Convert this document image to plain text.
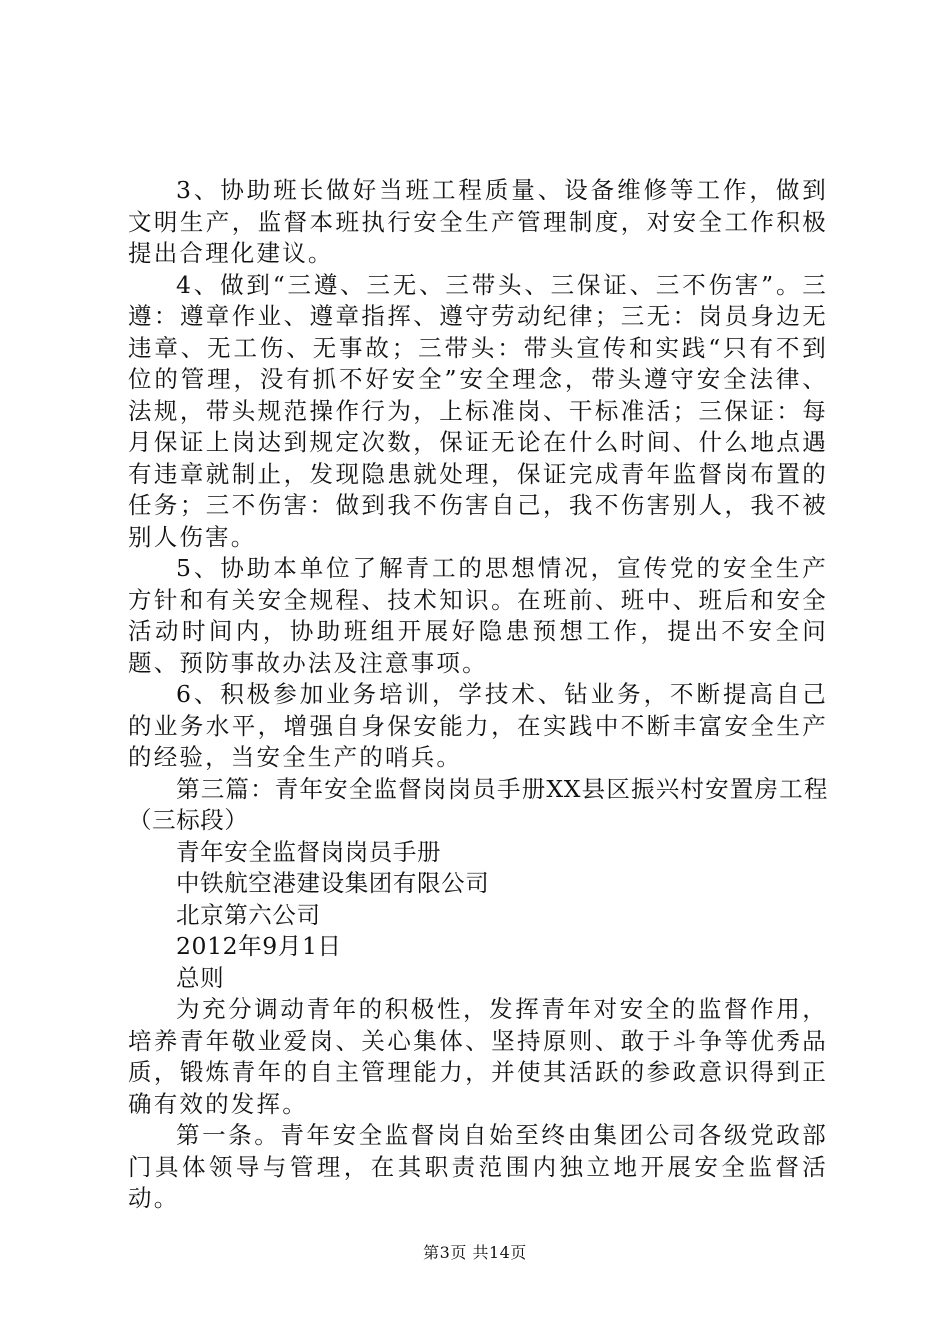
3、协助班长做好当班工程质量、设备维修等工作，做到文明生产，监督本班执行安全生产管理制度，对安全工作积极提出合理化建议。

4、做到“三遵、三无、三带头、三保证、三不伤害”。三遵：遵章作业、遵章指挥、遵守劳动纪律；三无：岗员身边无违章、无工伤、无事故；三带头：带头宣传和实践“只有不到位的管理，没有抓不好安全”安全理念，带头遵守安全法律、法规，带头规范操作行为，上标准岗、干标准活；三保证：每月保证上岗达到规定次数，保证无论在什么时间、什么地点遇有违章就制止，发现隐患就处理，保证完成青年监督岗布置的任务；三不伤害：做到我不伤害自己，我不伤害别人，我不被别人伤害。

5、协助本单位了解青工的思想情况，宣传党的安全生产方针和有关安全规程、技术知识。在班前、班中、班后和安全活动时间内，协助班组开展好隐患预想工作，提出不安全问题、预防事故办法及注意事项。

6、积极参加业务培训，学技术、钻业务，不断提高自己的业务水平，增强自身保安能力，在实践中不断丰富安全生产的经验，当安全生产的哨兵。

第三篇：青年安全监督岗岗员手册XX县区振兴村安置房工程（三标段）

青年安全监督岗岗员手册

中铁航空港建设集团有限公司

北京第六公司

2012年9月1日

总则

为充分调动青年的积极性，发挥青年对安全的监督作用，培养青年敬业爱岗、关心集体、坚持原则、敢于斗争等优秀品质，锻炼青年的自主管理能力，并使其活跃的参政意识得到正确有效的发挥。

第一条。青年安全监督岗自始至终由集团公司各级党政部门具体领导与管理，在其职责范围内独立地开展安全监督活动。

第3页 共14页
